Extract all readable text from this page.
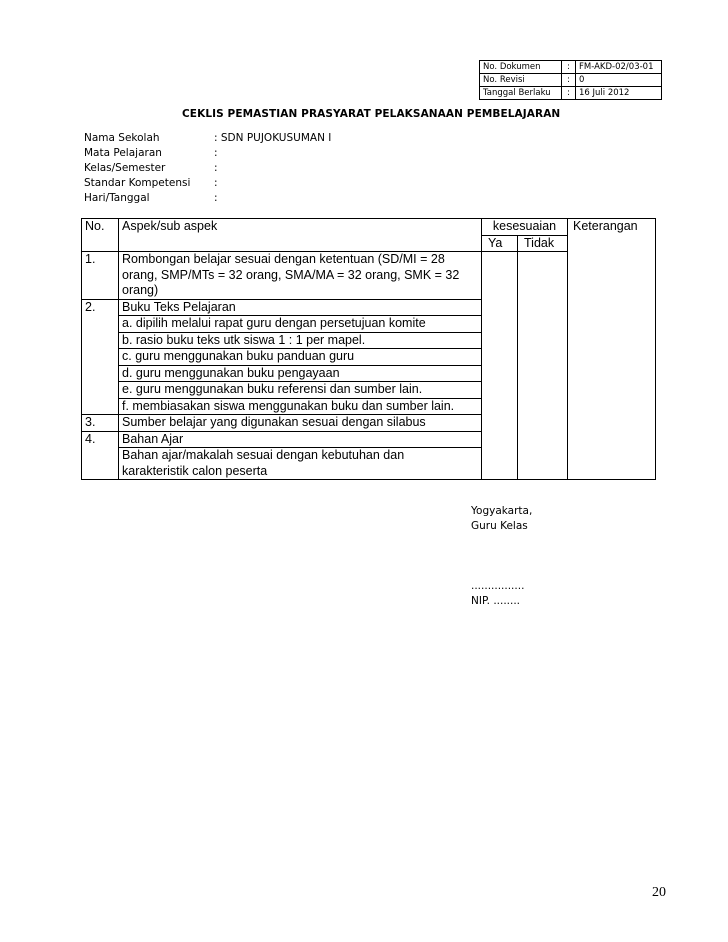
No. Dokumen	:	FM-AKD-02/03-01
No. Revisi	:	0
Tanggal Berlaku	:	16 Juli 2012
CEKLIS PEMASTIAN PRASYARAT PELAKSANAAN PEMBELAJARAN
Nama Sekolah	: SDN PUJOKUSUMAN I
Mata Pelajaran	:
Kelas/Semester	:
Standar Kompetensi :
Hari/Tanggal	:
No.	Aspek/sub aspek	kesesuaian		Keterangan
		Ya	Tidak	
1.	Rombongan belajar sesuai dengan ketentuan (SD/MI = 28 orang, SMP/MTs = 32 orang, SMA/MA = 32 orang, SMK = 32 orang)			
2.	Buku Teks Pelajaran			
	a. dipilih melalui rapat guru dengan persetujuan komite			
	b. rasio buku teks utk siswa 1 : 1 per mapel.			
	c. guru menggunakan buku panduan guru			
	d. guru menggunakan buku pengayaan			
	e. guru menggunakan buku referensi dan sumber lain.			
	f. membiasakan siswa menggunakan buku dan sumber lain.			
3.	Sumber belajar yang digunakan sesuai dengan silabus			
4.	Bahan Ajar			
	Bahan ajar/makalah sesuai dengan kebutuhan dan karakteristik calon peserta			
Yogyakarta,
Guru Kelas
................
NIP. ........
20
